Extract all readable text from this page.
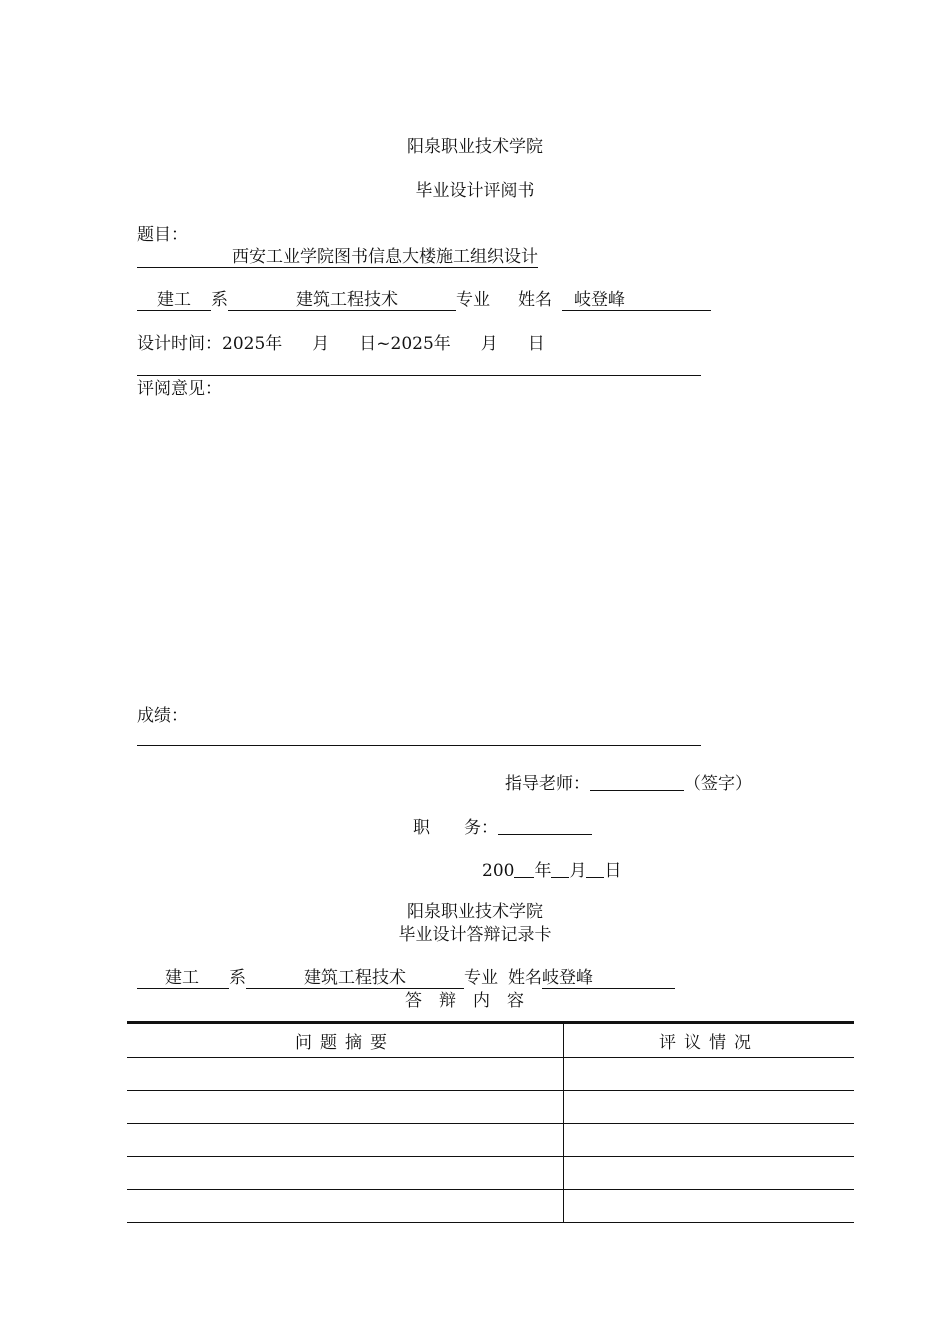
阳泉职业技术学院
毕业设计评阅书
题目：
西安工业学院图书信息大楼施工组织设计
建工 系	建筑工程技术	专业 姓名 岐登峰
设计时间：2025年 月 日~2025年 月 日
评阅意见：
成绩：
指导老师：	（签字）
职　　务：
200 年 月 日
阳泉职业技术学院
毕业设计答辩记录卡
建工 系	建筑工程技术	专业 姓名岐登峰
答　辩　内　容
问题摘要	评议情况
